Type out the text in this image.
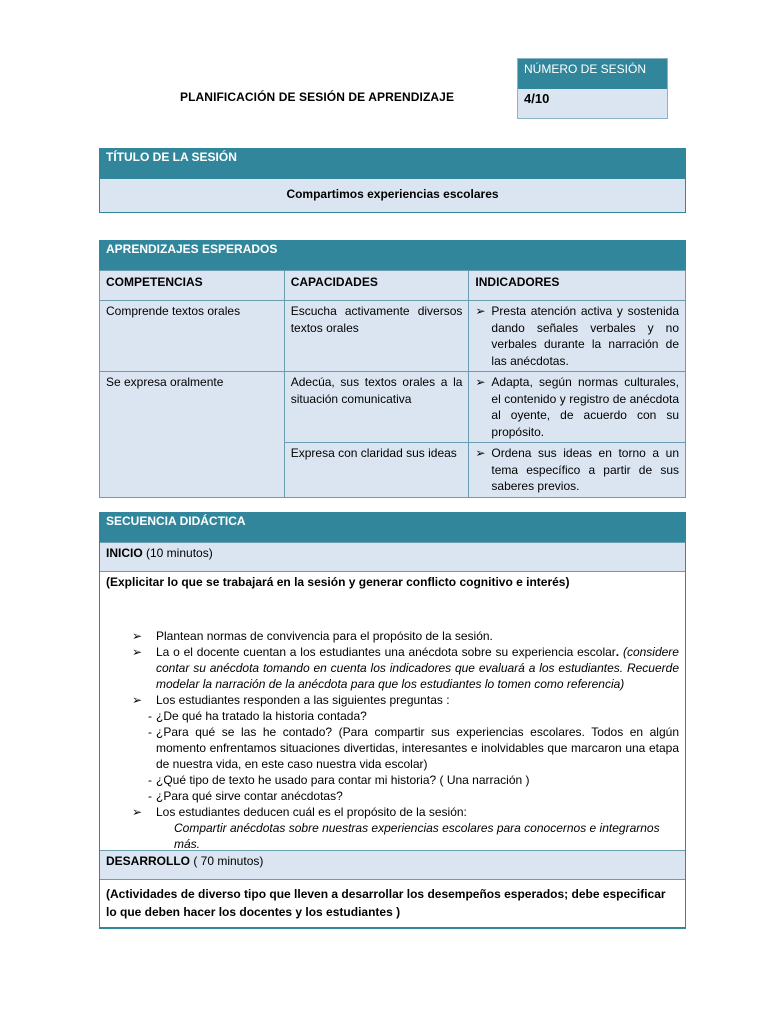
NÚMERO DE SESIÓN
4/10
PLANIFICACIÓN DE SESIÓN DE APRENDIZAJE
TÍTULO DE LA SESIÓN
Compartimos experiencias escolares
APRENDIZAJES ESPERADOS
COMPETENCIAS	CAPACIDADES	INDICADORES
Comprende textos orales	Escucha activamente diversos textos orales	➢ Presta atención activa y sostenida dando señales verbales y no verbales durante la narración de las anécdotas.

Se expresa oralmente	Adecúa, sus textos orales a la situación comunicativa	➢ Adapta, según normas culturales, el contenido y registro de anécdota al oyente, de acuerdo con su propósito.

	Expresa con claridad sus ideas	➢ Ordena sus ideas en torno a un tema específico a partir de sus saberes previos.
SECUENCIA DIDÁCTICA
INICIO (10 minutos)
(Explicitar lo que se trabajará en la sesión y generar conflicto cognitivo e interés)
➢	Plantean normas de convivencia para el propósito de la sesión.
➢	La o el docente cuentan a los estudiantes una anécdota sobre su experiencia escolar. (considere contar su anécdota tomando en cuenta los indicadores que evaluará a los estudiantes. Recuerde modelar la narración de la anécdota para que los estudiantes lo tomen como referencia)
➢	Los estudiantes responden a las siguientes preguntas :
- ¿De qué ha tratado la historia contada?
- ¿Para qué se las he contado? (Para compartir sus experiencias escolares. Todos en algún momento enfrentamos situaciones divertidas, interesantes e inolvidables que marcaron una etapa de nuestra vida, en este caso nuestra vida escolar)
- ¿Qué tipo de texto he usado para contar mi historia? ( Una narración )
- ¿Para qué sirve contar anécdotas?
➢	Los estudiantes deducen cuál es el propósito de la sesión:
Compartir anécdotas sobre nuestras experiencias escolares para conocernos e integrarnos más.
DESARROLLO ( 70 minutos)
(Actividades de diverso tipo que lleven a desarrollar los desempeños esperados; debe especificar lo que deben hacer los docentes y los estudiantes )
